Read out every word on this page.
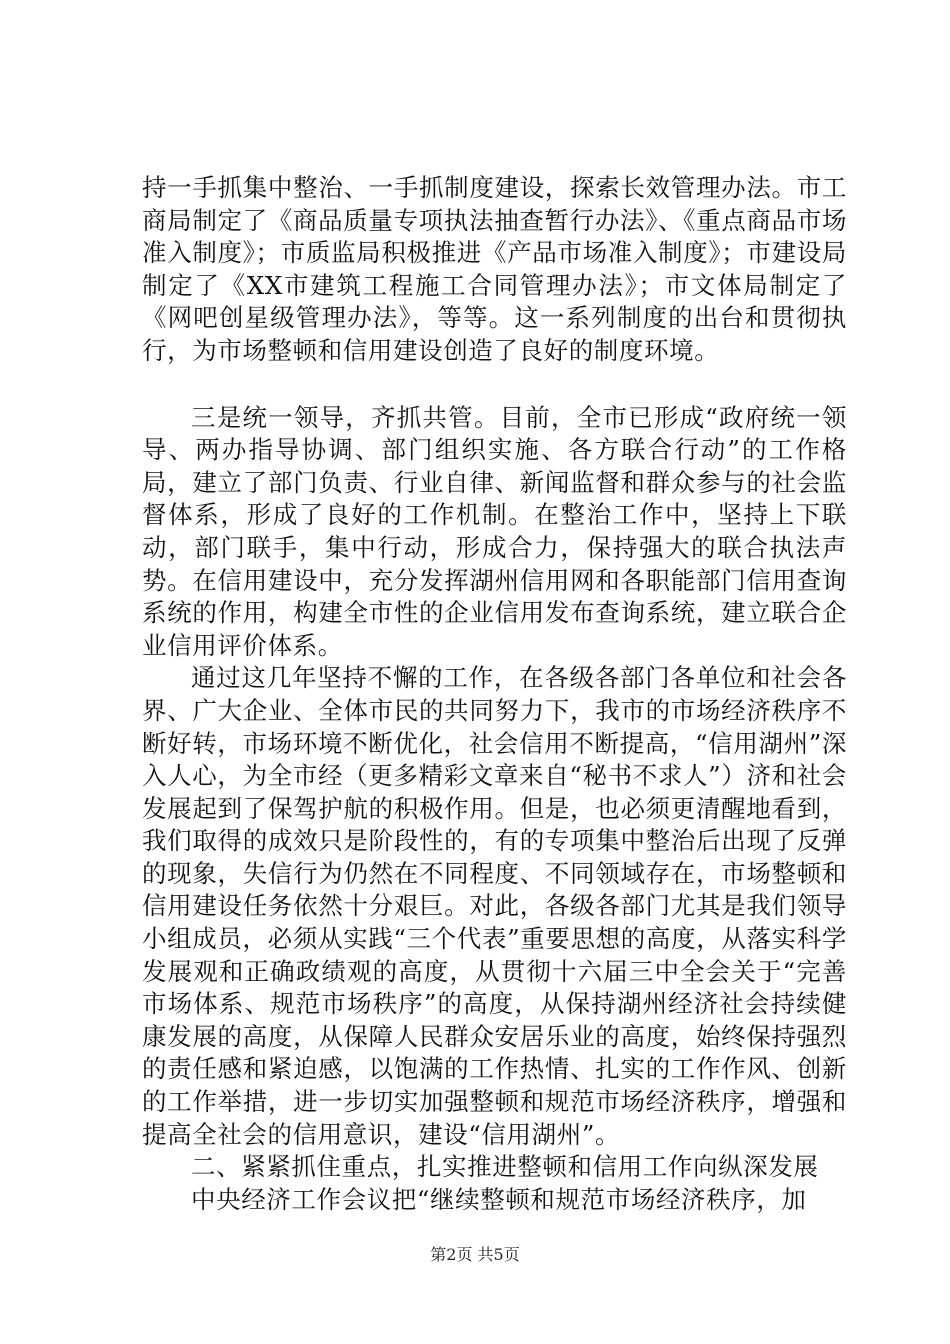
持一手抓集中整治、一手抓制度建设，探索长效管理办法。市工商局制定了《商品质量专项执法抽查暂行办法》、《重点商品市场准入制度》；市质监局积极推进《产品市场准入制度》；市建设局制定了《XX市建筑工程施工合同管理办法》；市文体局制定了《网吧创星级管理办法》，等等。这一系列制度的出台和贯彻执行，为市场整顿和信用建设创造了良好的制度环境。

三是统一领导，齐抓共管。目前，全市已形成“政府统一领导、两办指导协调、部门组织实施、各方联合行动”的工作格局，建立了部门负责、行业自律、新闻监督和群众参与的社会监督体系，形成了良好的工作机制。在整治工作中，坚持上下联动，部门联手，集中行动，形成合力，保持强大的联合执法声势。在信用建设中，充分发挥湖州信用网和各职能部门信用查询系统的作用，构建全市性的企业信用发布查询系统，建立联合企业信用评价体系。

通过这几年坚持不懈的工作，在各级各部门各单位和社会各界、广大企业、全体市民的共同努力下，我市的市场经济秩序不断好转，市场环境不断优化，社会信用不断提高，“信用湖州”深入人心，为全市经（更多精彩文章来自“秘书不求人”）济和社会发展起到了保驾护航的积极作用。但是，也必须更清醒地看到，我们取得的成效只是阶段性的，有的专项集中整治后出现了反弹的现象，失信行为仍然在不同程度、不同领域存在，市场整顿和信用建设任务依然十分艰巨。对此，各级各部门尤其是我们领导小组成员，必须从实践“三个代表”重要思想的高度，从落实科学发展观和正确政绩观的高度，从贯彻十六届三中全会关于“完善市场体系、规范市场秩序”的高度，从保持湖州经济社会持续健康发展的高度，从保障人民群众安居乐业的高度，始终保持强烈的责任感和紧迫感，以饱满的工作热情、扎实的工作作风、创新的工作举措，进一步切实加强整顿和规范市场经济秩序，增强和提高全社会的信用意识，建设“信用湖州”。

二、紧紧抓住重点，扎实推进整顿和信用工作向纵深发展

中央经济工作会议把“继续整顿和规范市场经济秩序，加

第2页 共5页
